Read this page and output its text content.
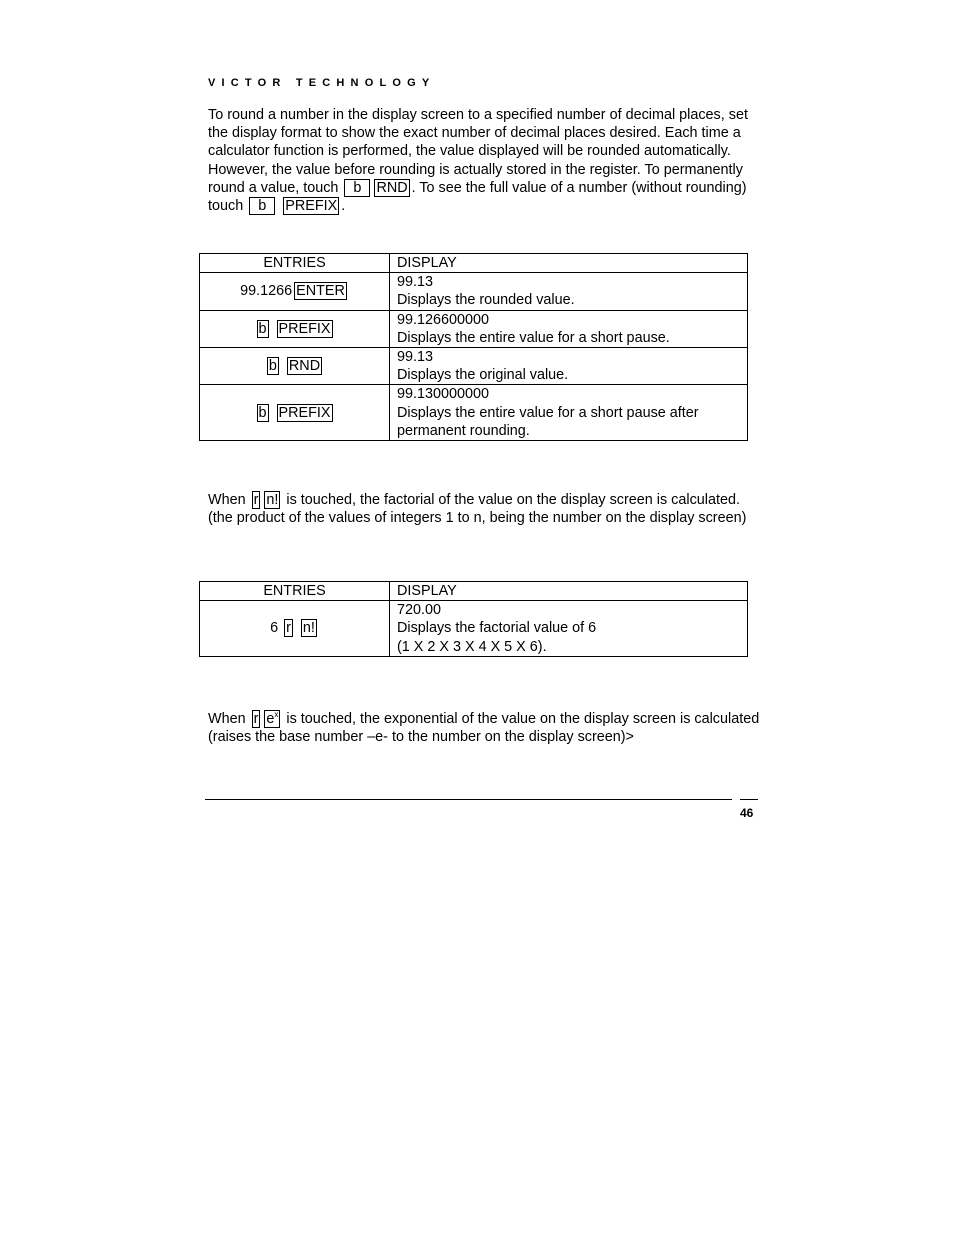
VICTOR TECHNOLOGY
To round a number in the display screen to a specified number of decimal places, set the display format to show the exact number of decimal places desired. Each time a calculator function is performed, the value displayed will be rounded automatically. However, the value before rounding is actually stored in the register. To permanently round a value, touch b RND . To see the full value of a number (without rounding) touch b PREFIX .
ENTRIES	DISPLAY
99.1266 ENTER	99.13
Displays the rounded value.

b PREFIX	99.126600000
Displays the entire value for a short pause.

b RND	99.13
Displays the original value.

b PREFIX	99.130000000
Displays the entire value for a short pause after permanent rounding.
When r n! is touched, the factorial of the value on the display screen is calculated. (the product of the values of integers 1 to n, being the number on the display screen)
ENTRIES	DISPLAY
6 r n!	720.00
Displays the factorial value of 6
(1 X 2 X 3 X 4 X 5 X 6).
When r $e^x$ is touched, the exponential of the value on the display screen is calculated (raises the base number –e- to the number on the display screen)>
46
